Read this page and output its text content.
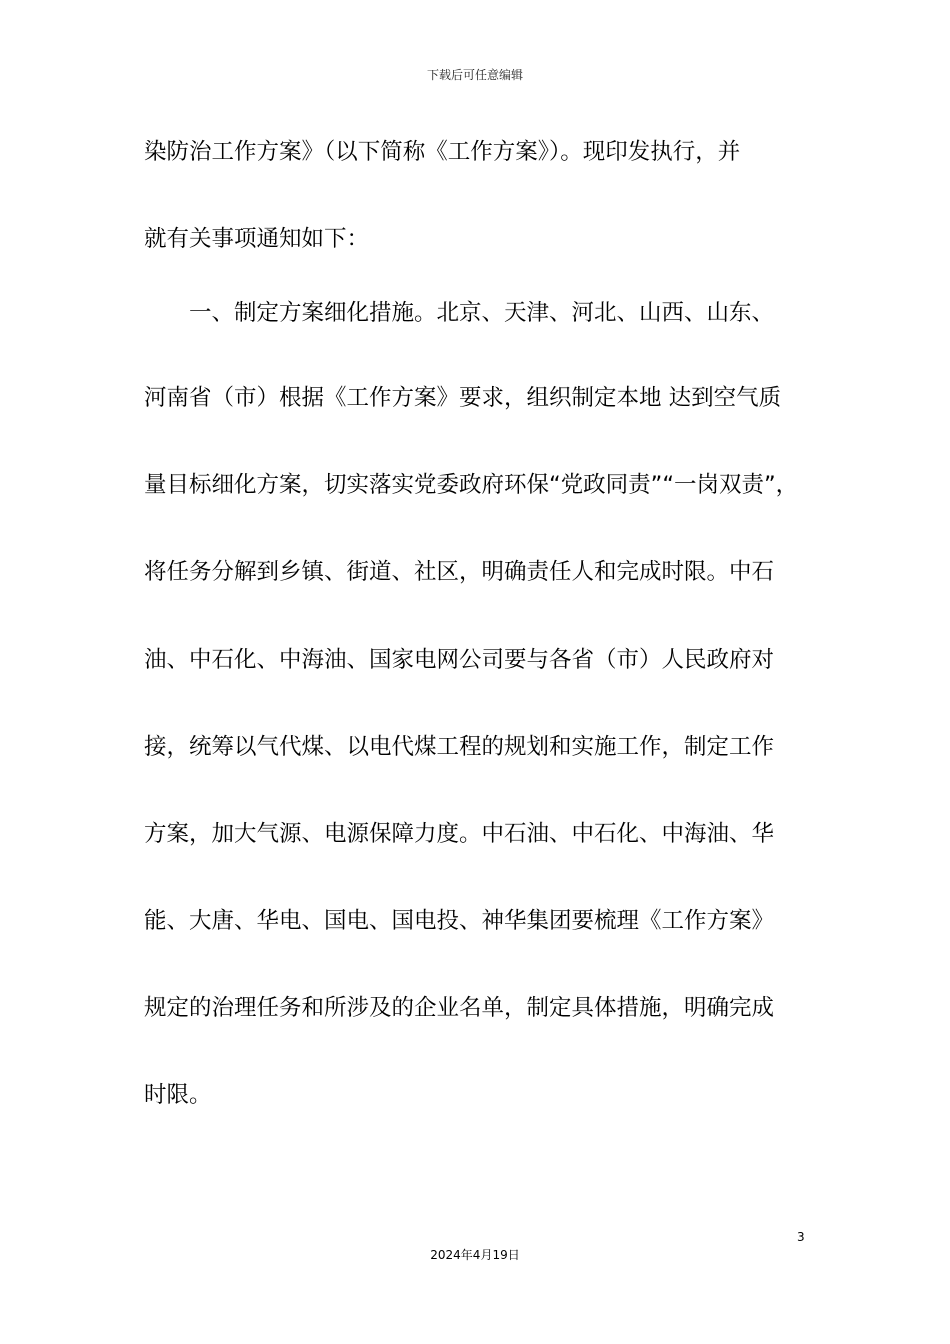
下载后可任意编辑
染防治工作方案》（以下简称《工作方案》）。现印发执行，并
就有关事项通知如下：
　　一、制定方案细化措施。北京、天津、河北、山西、山东、
河南省（市）根据《工作方案》要求，组织制定本地 达到空气质
量目标细化方案，切实落实党委政府环保“党政同责”“一岗双责”，
将任务分解到乡镇、街道、社区，明确责任人和完成时限。中石
油、中石化、中海油、国家电网公司要与各省（市）人民政府对
接，统筹以气代煤、以电代煤工程的规划和实施工作，制定工作
方案，加大气源、电源保障力度。中石油、中石化、中海油、华
能、大唐、华电、国电、国电投、神华集团要梳理《工作方案》
规定的治理任务和所涉及的企业名单，制定具体措施，明确完成
时限。
3
2024年4月19日
